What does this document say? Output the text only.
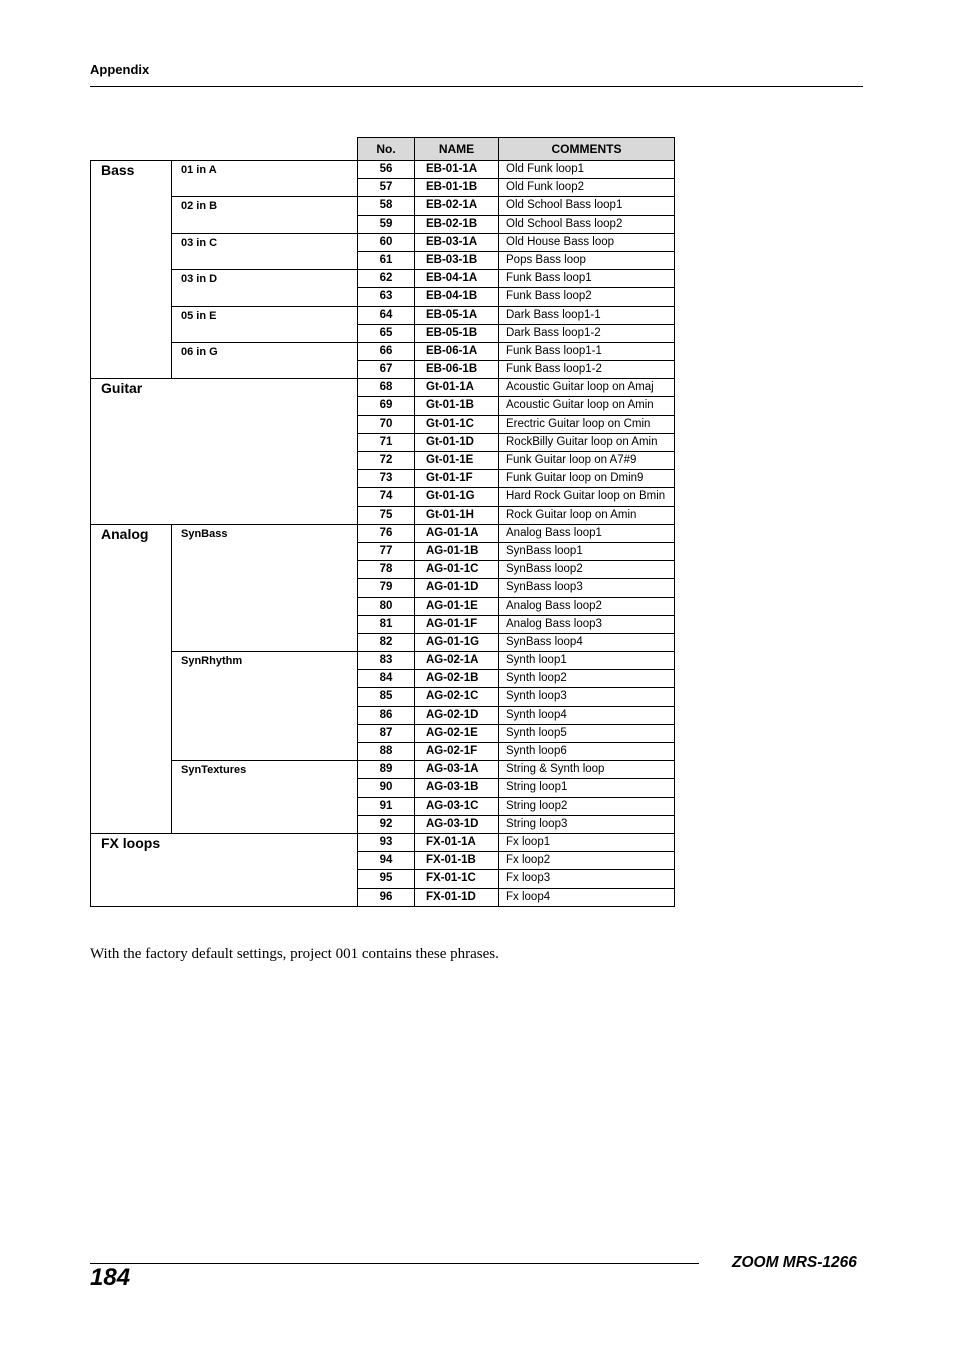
Appendix
		No.	NAME	COMMENTS
Bass	01 in A	56	EB-01-1A	Old Funk loop1
		57	EB-01-1B	Old Funk loop2
	02 in B	58	EB-02-1A	Old School Bass loop1
		59	EB-02-1B	Old School Bass loop2
	03 in C	60	EB-03-1A	Old House Bass loop
		61	EB-03-1B	Pops Bass loop
	03 in D	62	EB-04-1A	Funk Bass loop1
		63	EB-04-1B	Funk Bass loop2
	05 in E	64	EB-05-1A	Dark Bass loop1-1
		65	EB-05-1B	Dark Bass loop1-2
	06 in G	66	EB-06-1A	Funk Bass loop1-1
		67	EB-06-1B	Funk Bass loop1-2
Guitar		68	Gt-01-1A	Acoustic Guitar loop on Amaj
		69	Gt-01-1B	Acoustic Guitar loop on Amin
		70	Gt-01-1C	Erectric Guitar loop on Cmin
		71	Gt-01-1D	RockBilly Guitar loop on Amin
		72	Gt-01-1E	Funk Guitar loop on A7#9
		73	Gt-01-1F	Funk Guitar loop on Dmin9
		74	Gt-01-1G	Hard Rock Guitar loop on Bmin
		75	Gt-01-1H	Rock Guitar loop on Amin
Analog	SynBass	76	AG-01-1A	Analog Bass loop1
		77	AG-01-1B	SynBass loop1
		78	AG-01-1C	SynBass loop2
		79	AG-01-1D	SynBass loop3
		80	AG-01-1E	Analog Bass loop2
		81	AG-01-1F	Analog Bass loop3
		82	AG-01-1G	SynBass loop4
	SynRhythm	83	AG-02-1A	Synth loop1
		84	AG-02-1B	Synth loop2
		85	AG-02-1C	Synth loop3
		86	AG-02-1D	Synth loop4
		87	AG-02-1E	Synth loop5
		88	AG-02-1F	Synth loop6
	SynTextures	89	AG-03-1A	String & Synth loop
		90	AG-03-1B	String loop1
		91	AG-03-1C	String loop2
		92	AG-03-1D	String loop3
FX loops		93	FX-01-1A	Fx loop1
		94	FX-01-1B	Fx loop2
		95	FX-01-1C	Fx loop3
		96	FX-01-1D	Fx loop4
With the factory default settings, project 001 contains these phrases.
184
ZOOM MRS-1266
